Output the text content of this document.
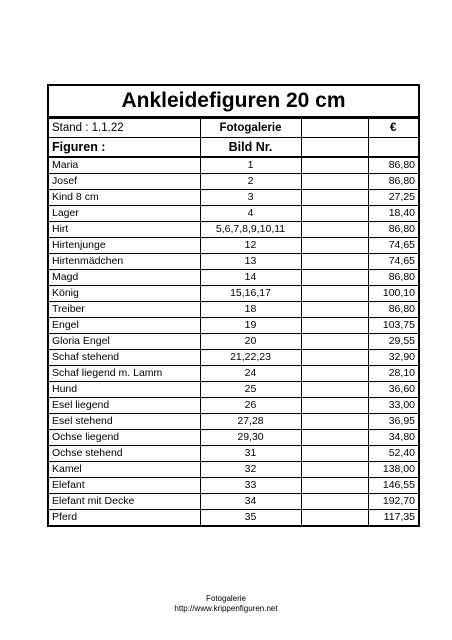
Ankleidefiguren 20 cm
Stand : 1.1.22	Fotogalerie		€
Figuren :	Bild Nr.		
Maria	1		86,80
Josef	2		86,80
Kind 8 cm	3		27,25
Lager	4		18,40
Hirt	5,6,7,8,9,10,11		86,80
Hirtenjunge	12		74,65
Hirtenmädchen	13		74,65
Magd	14		86,80
König	15,16,17		100,10
Treiber	18		86,80
Engel	19		103,75
Gloria Engel	20		29,55
Schaf stehend	21,22,23		32,90
Schaf liegend m. Lamm	24		28,10
Hund	25		36,60
Esel liegend	26		33,00
Esel stehend	27,28		36,95
Ochse liegend	29,30		34,80
Ochse stehend	31		52,40
Kamel	32		138,00
Elefant	33		146,55
Elefant mit Decke	34		192,70
Pferd	35		117,35
Fotogalerie
http://www.krippenfiguren.net
